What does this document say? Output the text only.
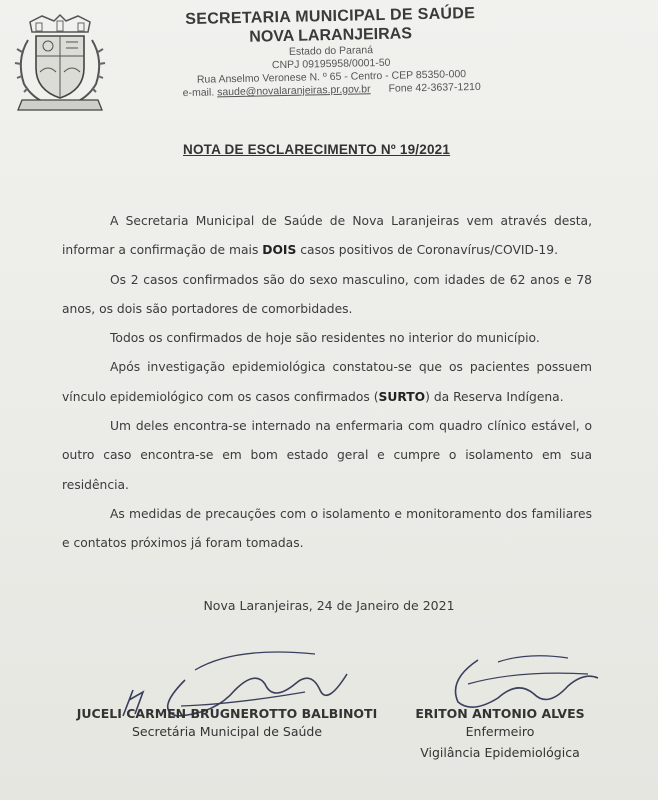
SECRETARIA MUNICIPAL DE SAÚDE
NOVA LARANJEIRAS
Estado do Paraná
CNPJ 09195958/0001-50
Rua Anselmo Veronese N. º 65 - Centro - CEP 85350-000
e-mail. saude@novalaranjeiras.pr.gov.br Fone 42-3637-1210
NOTA DE ESCLARECIMENTO Nº 19/2021

A Secretaria Municipal de Saúde de Nova Laranjeiras vem através desta, informar a confirmação de mais DOIS casos positivos de Coronavírus/COVID-19.

Os 2 casos confirmados são do sexo masculino, com idades de 62 anos e 78 anos, os dois são portadores de comorbidades.

Todos os confirmados de hoje são residentes no interior do município.

Após investigação epidemiológica constatou-se que os pacientes possuem vínculo epidemiológico com os casos confirmados (SURTO) da Reserva Indígena.

Um deles encontra-se internado na enfermaria com quadro clínico estável, o outro caso encontra-se em bom estado geral e cumpre o isolamento em sua residência.

As medidas de precauções com o isolamento e monitoramento dos familiares e contatos próximos já foram tomadas.

Nova Laranjeiras, 24 de Janeiro de 2021
JUCELI CARMEN BRUGNEROTTO BALBINOTI
Secretária Municipal de Saúde
ERITON ANTONIO ALVES
Enfermeiro
Vigilância Epidemiológica
